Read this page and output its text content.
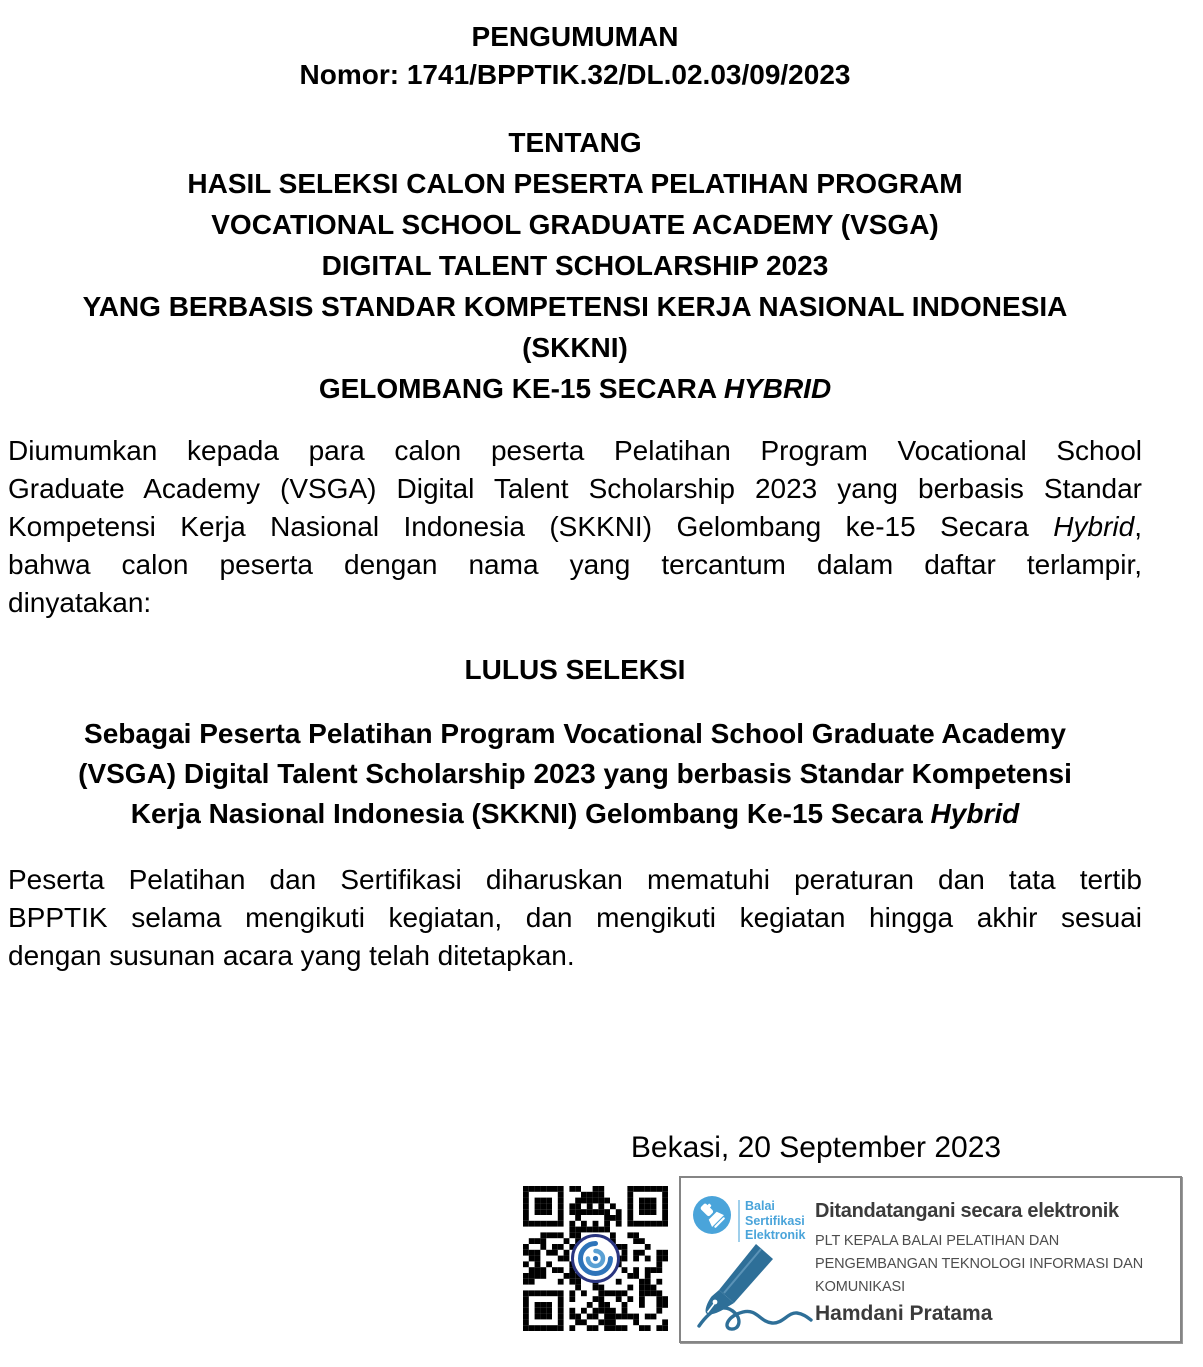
PENGUMUMAN
Nomor: 1741/BPPTIK.32/DL.02.03/09/2023
TENTANG
HASIL SELEKSI CALON PESERTA PELATIHAN PROGRAM
VOCATIONAL SCHOOL GRADUATE ACADEMY (VSGA)
DIGITAL TALENT SCHOLARSHIP 2023
YANG BERBASIS STANDAR KOMPETENSI KERJA NASIONAL INDONESIA
(SKKNI)
GELOMBANG KE-15 SECARA HYBRID
Diumumkan kepada para calon peserta Pelatihan Program Vocational School
Graduate Academy (VSGA) Digital Talent Scholarship 2023 yang berbasis Standar
Kompetensi Kerja Nasional Indonesia (SKKNI) Gelombang ke-15 Secara Hybrid,
bahwa calon peserta dengan nama yang tercantum dalam daftar terlampir,
dinyatakan:
LULUS SELEKSI
Sebagai Peserta Pelatihan Program Vocational School Graduate Academy
(VSGA) Digital Talent Scholarship 2023 yang berbasis Standar Kompetensi
Kerja Nasional Indonesia (SKKNI) Gelombang Ke-15 Secara Hybrid
Peserta Pelatihan dan Sertifikasi diharuskan mematuhi peraturan dan tata tertib
BPPTIK selama mengikuti kegiatan, dan mengikuti kegiatan hingga akhir sesuai
dengan susunan acara yang telah ditetapkan.
Bekasi, 20 September 2023
Balai
Sertifikasi
Elektronik
Ditandatangani secara elektronik
PLT KEPALA BALAI PELATIHAN DAN
PENGEMBANGAN TEKNOLOGI INFORMASI DAN
KOMUNIKASI
Hamdani Pratama
